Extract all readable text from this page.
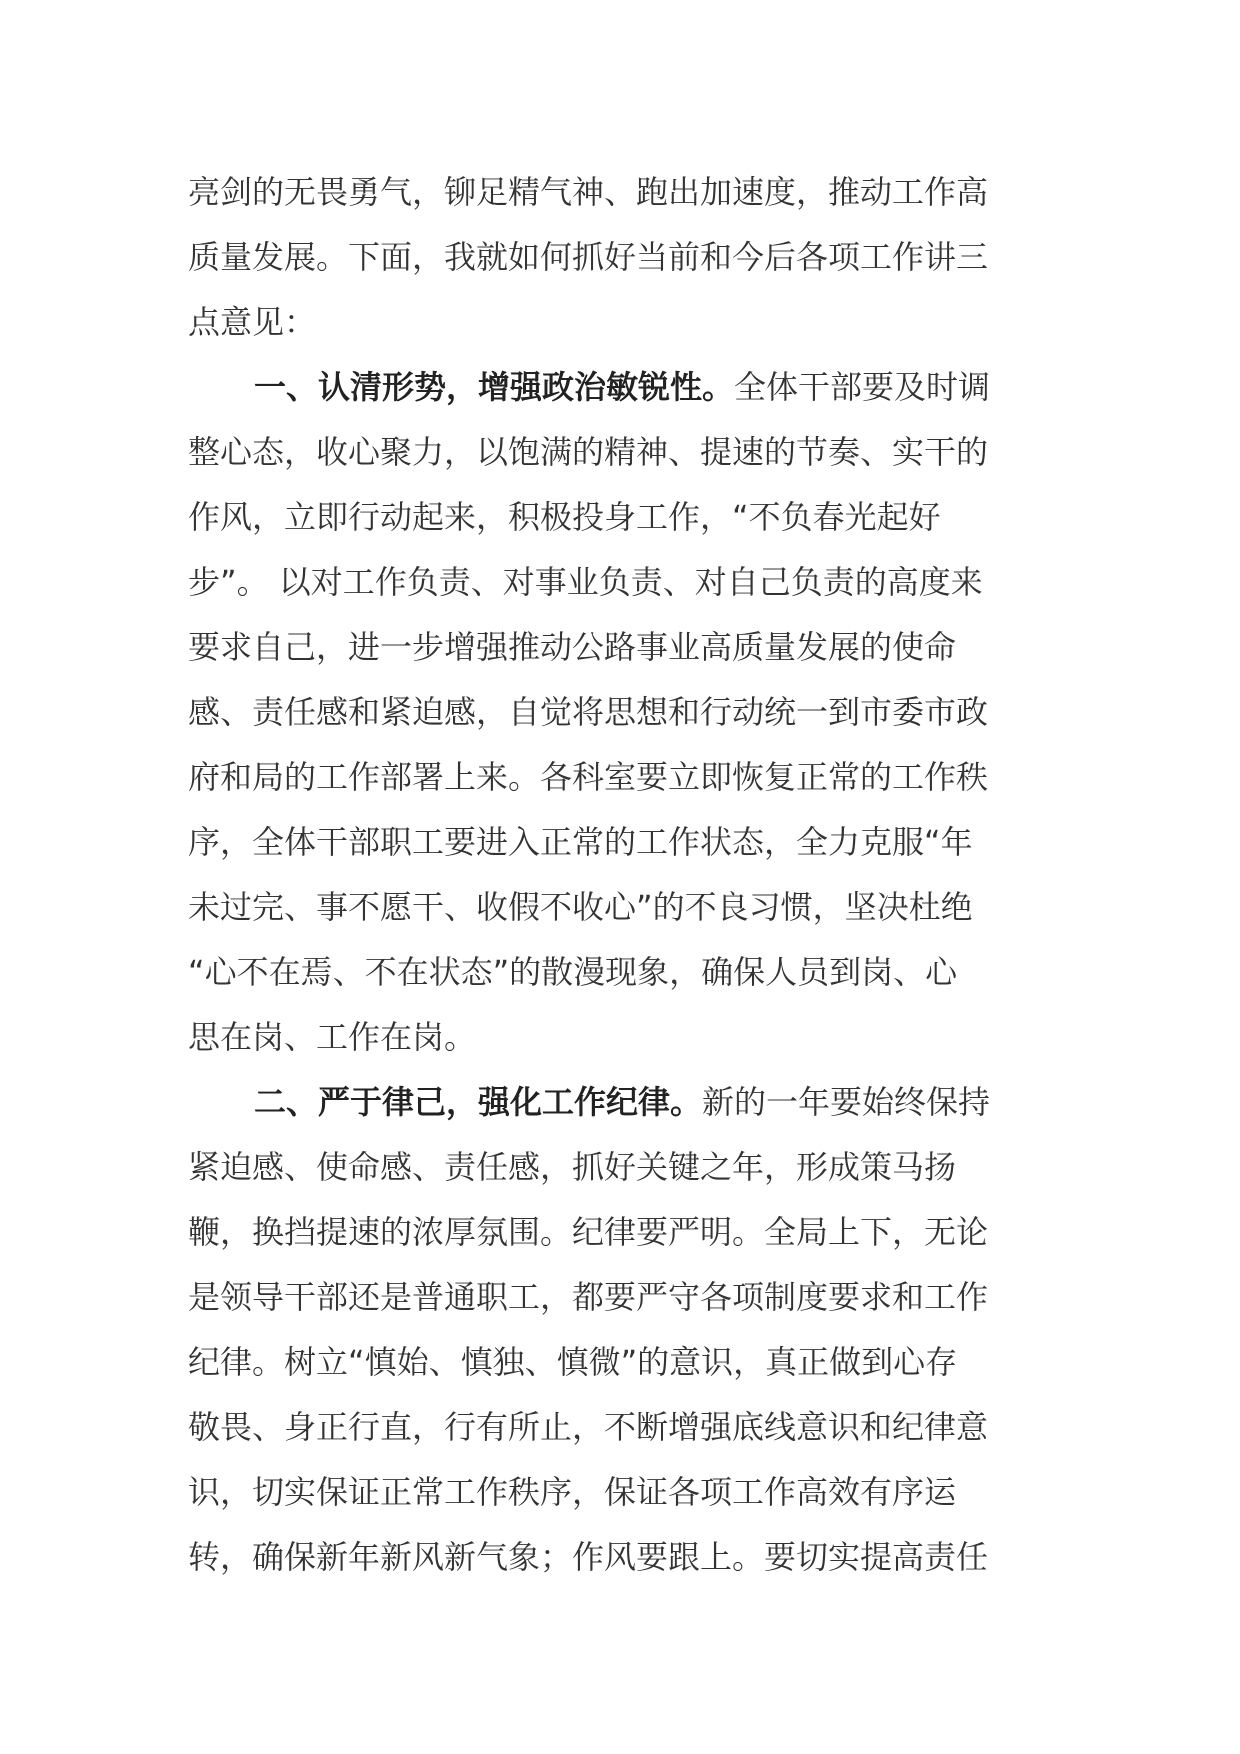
亮剑的无畏勇气，铆足精气神、跑出加速度，推动工作高
质量发展。下面，我就如何抓好当前和今后各项工作讲三
点意见：
一、认清形势，增强政治敏锐性。全体干部要及时调
整心态，收心聚力，以饱满的精神、提速的节奏、实干的
作风，立即行动起来，积极投身工作，“不负春光起好
步”。 以对工作负责、对事业负责、对自己负责的高度来
要求自己，进一步增强推动公路事业高质量发展的使命
感、责任感和紧迫感，自觉将思想和行动统一到市委市政
府和局的工作部署上来。各科室要立即恢复正常的工作秩
序，全体干部职工要进入正常的工作状态，全力克服“年
未过完、事不愿干、收假不收心”的不良习惯，坚决杜绝
“心不在焉、不在状态”的散漫现象，确保人员到岗、心
思在岗、工作在岗。
二、严于律己，强化工作纪律。新的一年要始终保持
紧迫感、使命感、责任感，抓好关键之年，形成策马扬
鞭，换挡提速的浓厚氛围。纪律要严明。全局上下，无论
是领导干部还是普通职工，都要严守各项制度要求和工作
纪律。树立“慎始、慎独、慎微”的意识，真正做到心存
敬畏、身正行直，行有所止，不断增强底线意识和纪律意
识，切实保证正常工作秩序，保证各项工作高效有序运
转，确保新年新风新气象；作风要跟上。要切实提高责任
